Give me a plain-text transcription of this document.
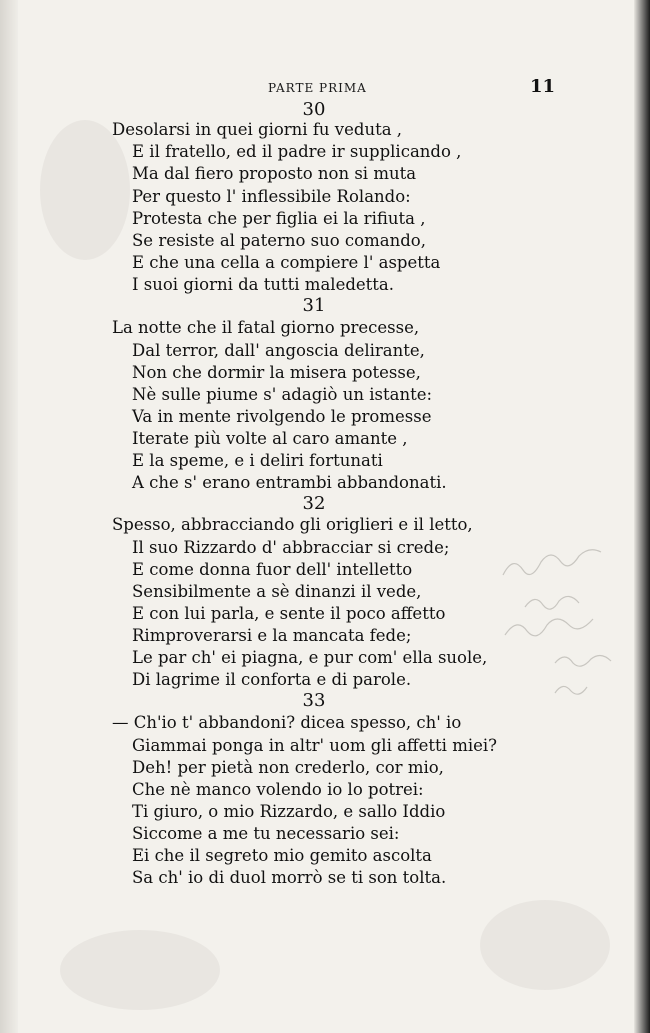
PARTE PRIMA	11
30
Desolarsi in quei giorni fu veduta ,
E il fratello, ed il padre ir supplicando ,
Ma dal fiero proposto non si muta
Per questo l' inflessibile Rolando:
Protesta che per figlia ei la rifiuta ,
Se resiste al paterno suo comando,
E che una cella a compiere l' aspetta
I suoi giorni da tutti maledetta.
31
La notte che il fatal giorno precesse,
Dal terror, dall' angoscia delirante,
Non che dormir la misera potesse,
Nè sulle piume s' adagiò un istante:
Va in mente rivolgendo le promesse
Iterate più volte al caro amante ,
E la speme, e i deliri fortunati
A che s' erano entrambi abbandonati.
32
Spesso, abbracciando gli origlieri e il letto,
Il suo Rizzardo d' abbracciar si crede;
E come donna fuor dell' intelletto
Sensibilmente a sè dinanzi il vede,
E con lui parla, e sente il poco affetto
Rimproverarsi e la mancata fede;
Le par ch' ei piagna, e pur com' ella suole,
Di lagrime il conforta e di parole.
33
— Ch'io t' abbandoni? dicea spesso, ch' io
Giammai ponga in altr' uom gli affetti miei?
Deh! per pietà non crederlo, cor mio,
Che nè manco volendo io lo potrei:
Ti giuro, o mio Rizzardo, e sallo Iddio
Siccome a me tu necessario sei:
Ei che il segreto mio gemito ascolta
Sa ch' io di duol morrò se ti son tolta.
